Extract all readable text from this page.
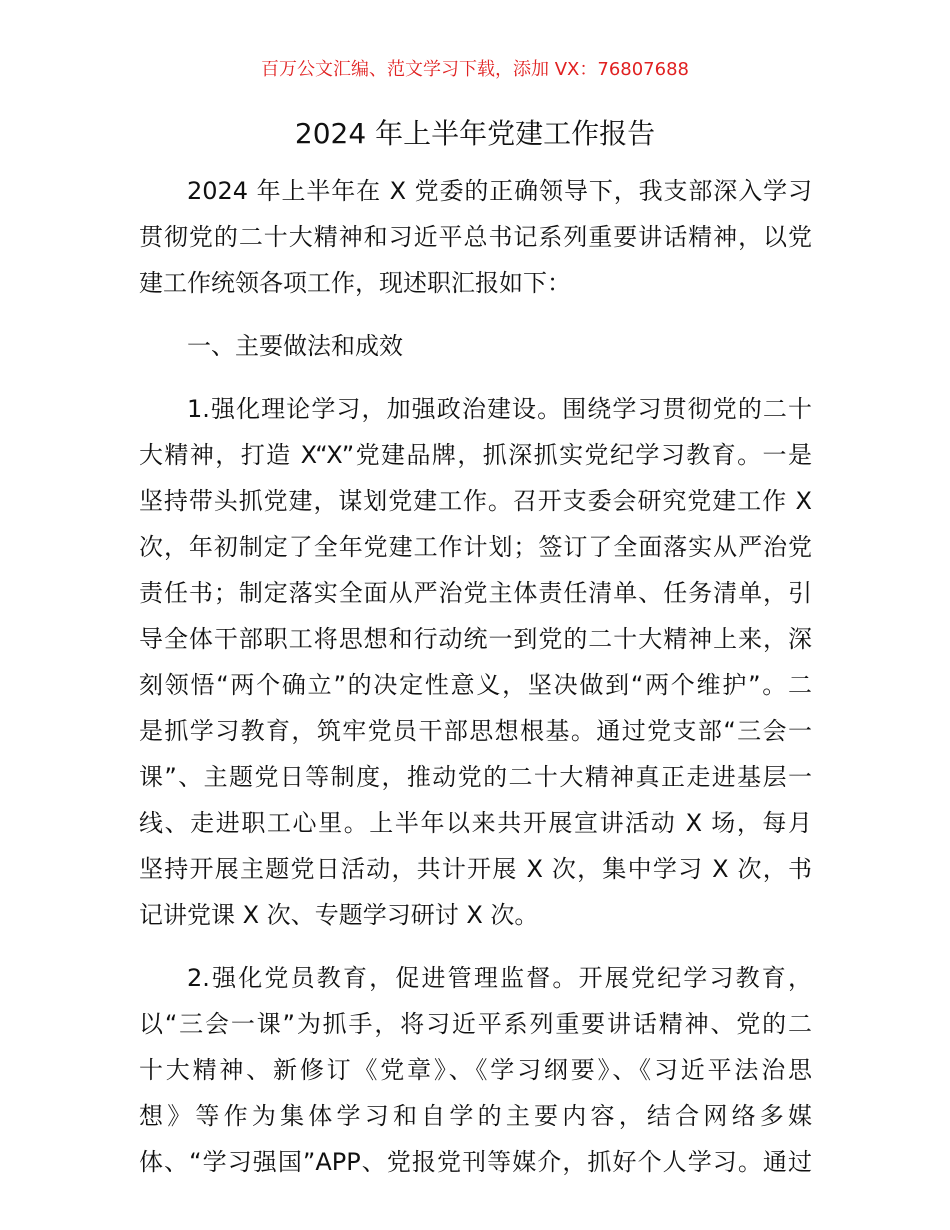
百万公文汇编、范文学习下载，添加 VX：76807688
2024 年上半年党建工作报告
2024 年上半年在 X 党委的正确领导下，我支部深入学习
贯彻党的二十大精神和习近平总书记系列重要讲话精神，以党
建工作统领各项工作，现述职汇报如下：
一、主要做法和成效
1.强化理论学习，加强政治建设。围绕学习贯彻党的二十
大精神，打造 X“X”党建品牌，抓深抓实党纪学习教育。一是
坚持带头抓党建，谋划党建工作。召开支委会研究党建工作 X
次，年初制定了全年党建工作计划；签订了全面落实从严治党
责任书；制定落实全面从严治党主体责任清单、任务清单，引
导全体干部职工将思想和行动统一到党的二十大精神上来，深
刻领悟“两个确立”的决定性意义，坚决做到“两个维护”。二
是抓学习教育，筑牢党员干部思想根基。通过党支部“三会一
课”、主题党日等制度，推动党的二十大精神真正走进基层一
线、走进职工心里。上半年以来共开展宣讲活动 X 场，每月
坚持开展主题党日活动，共计开展 X 次，集中学习 X 次，书
记讲党课 X 次、专题学习研讨 X 次。
2.强化党员教育，促进管理监督。开展党纪学习教育，
以“三会一课”为抓手，将习近平系列重要讲话精神、党的二
十大精神、新修订《党章》、《学习纲要》、《习近平法治思
想》等作为集体学习和自学的主要内容，结合网络多媒
体、“学习强国”APP、党报党刊等媒介，抓好个人学习。通过
